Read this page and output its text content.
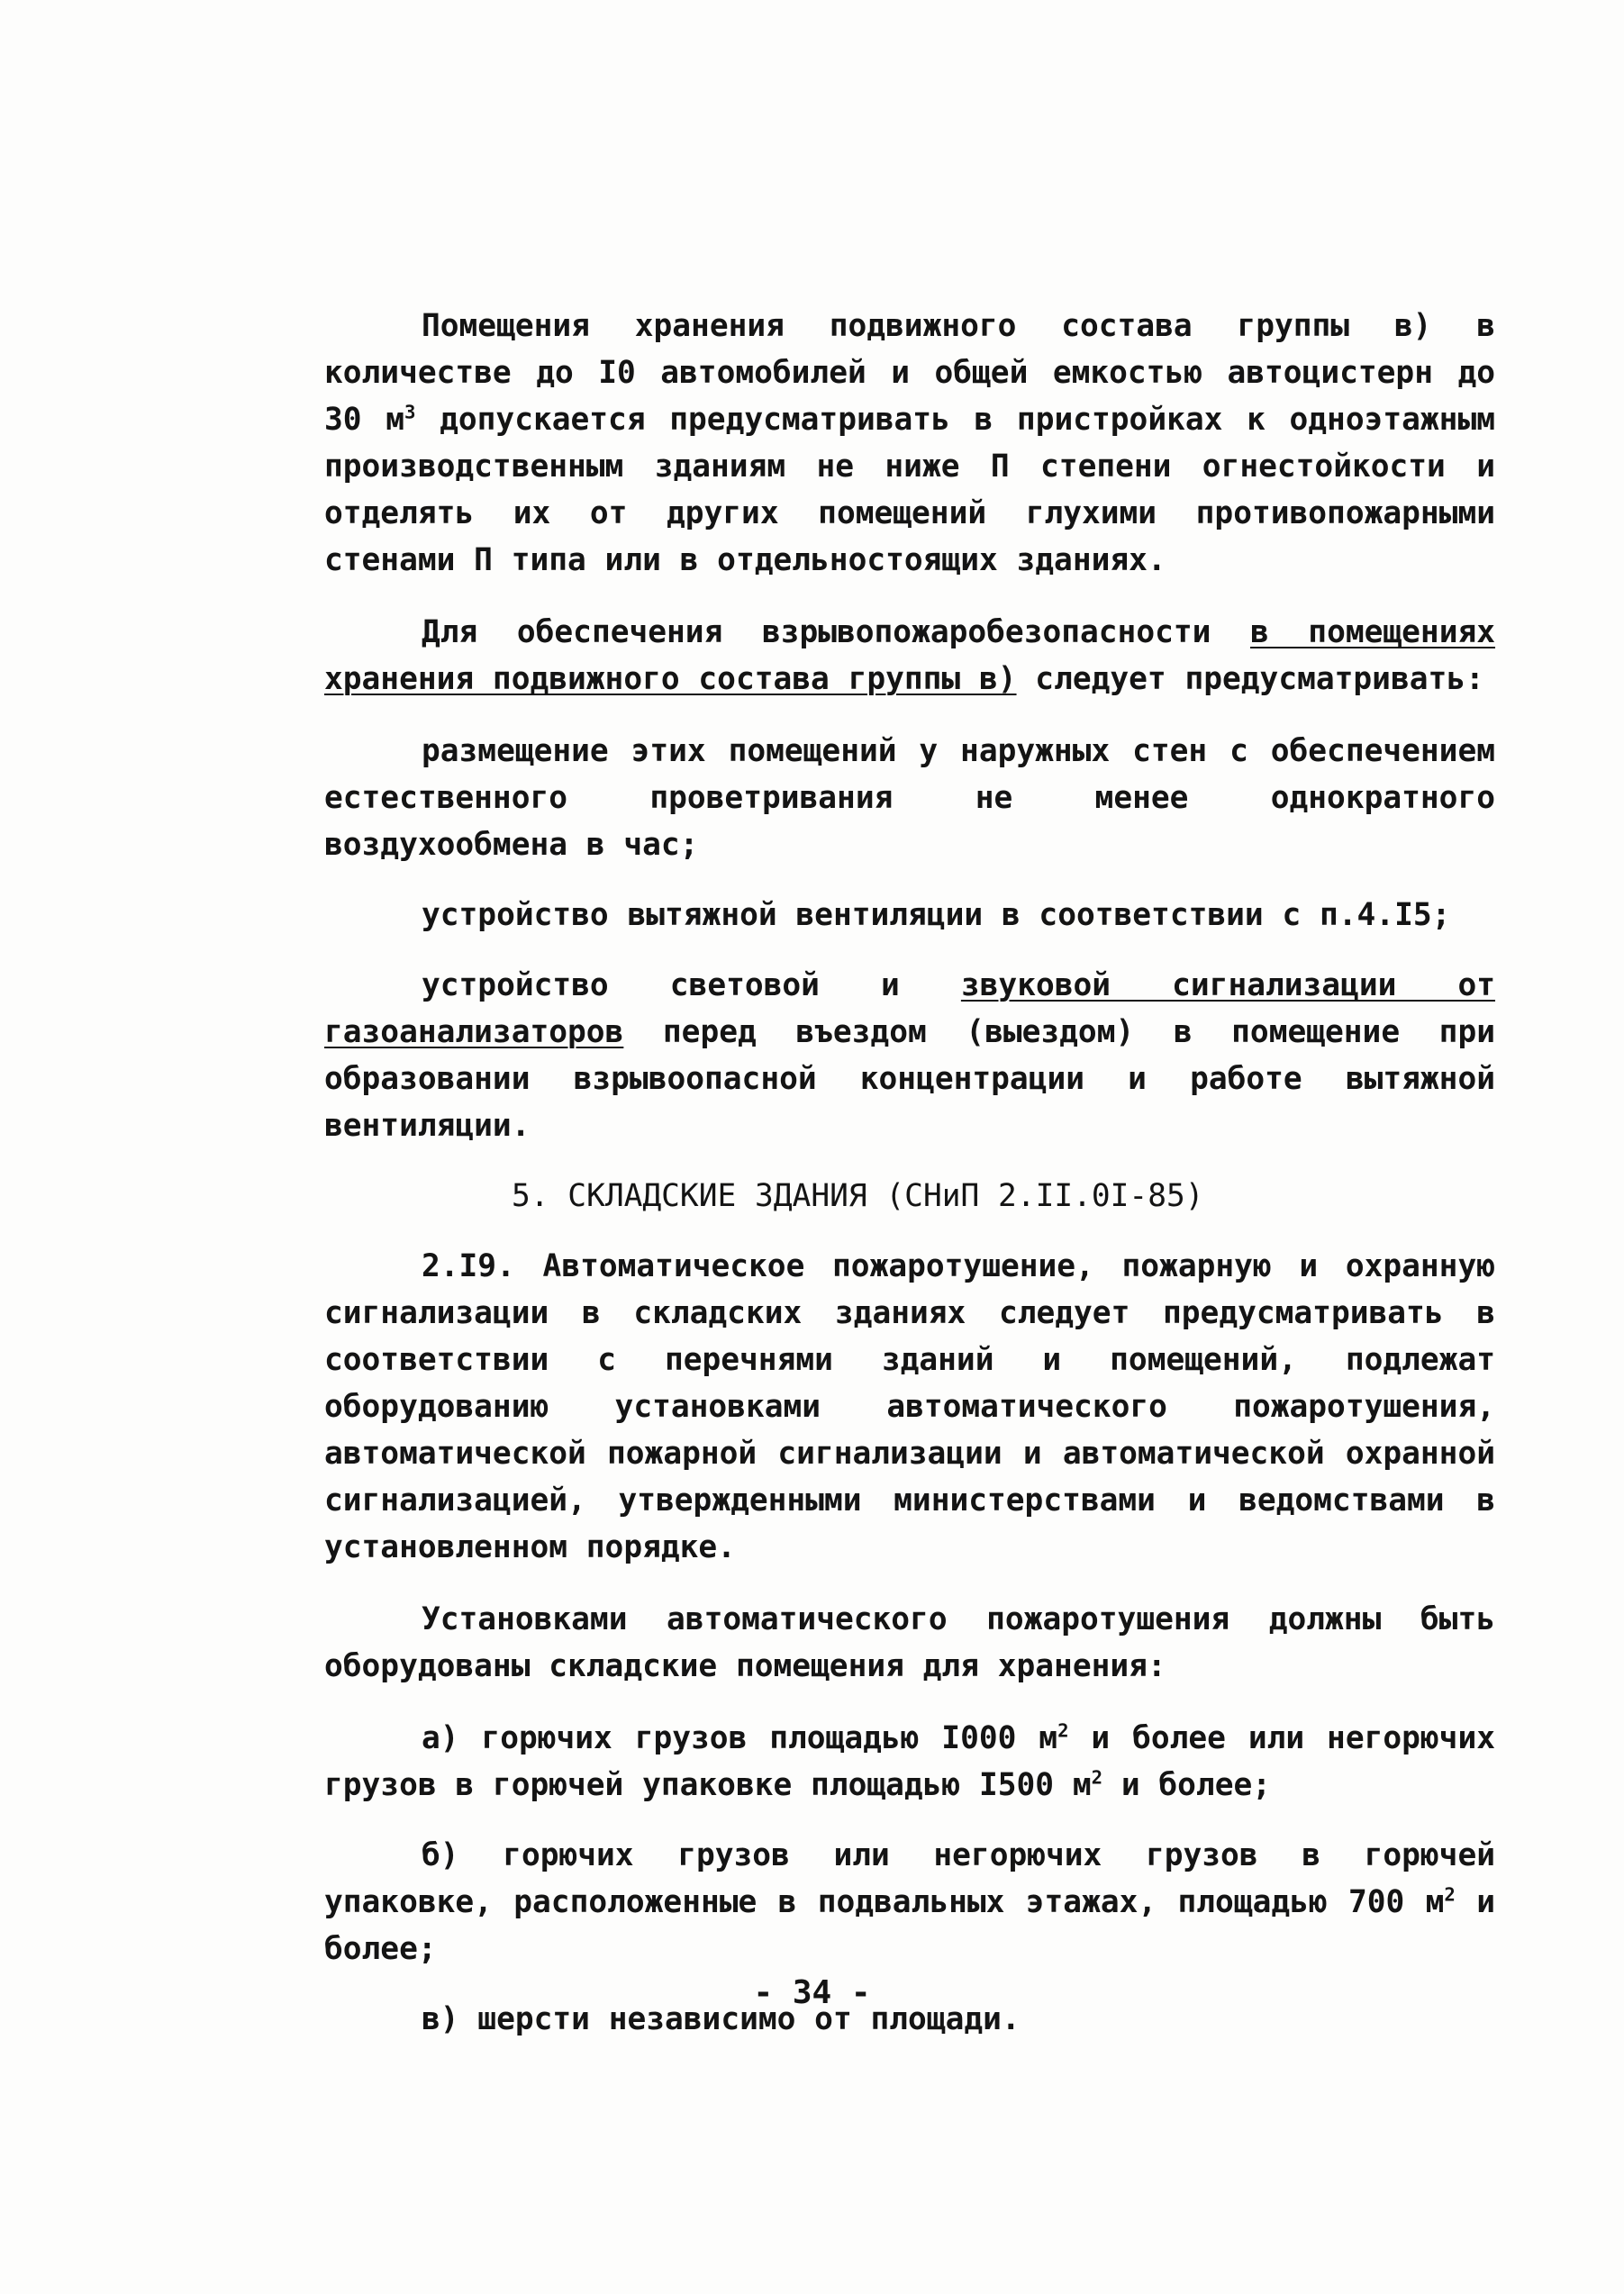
Помещения хранения подвижного состава группы в) в количестве до I0 автомобилей и общей емкостью автоцистерн до 30 $м^3$ допускается предусматривать в пристройках к одноэтажным производственным зданиям не ниже П степени огнестойкости и отделять их от других помещений глухими противопожарными стенами П типа или в отдельностоящих зданиях.

Для обеспечения взрывопожаробезопасности в помещениях хранения подвижного состава группы в) следует предусматривать:

размещение этих помещений у наружных стен с обеспечением естественного проветривания не менее однократного воздухообмена в час;

устройство вытяжной вентиляции в соответствии с п.4.I5;

устройство световой и звуковой сигнализации от газоанализаторов перед въездом (выездом) в помещение при образовании взрывоопасной концентрации и работе вытяжной вентиляции.

5. СКЛАДСКИЕ ЗДАНИЯ (СНиП 2.II.0I-85)

2.I9. Автоматическое пожаротушение, пожарную и охранную сигнализации в складских зданиях следует предусматривать в соответствии с перечнями зданий и помещений, подлежат оборудованию установками автоматического пожаротушения, автоматической пожарной сигнализации и автоматической охранной сигнализацией, утвержденными министерствами и ведомствами в установленном порядке.

Установками автоматического пожаротушения должны быть оборудованы складские помещения для хранения:

а) горючих грузов площадью I000 $м^2$ и более или негорючих грузов в горючей упаковке площадью I500 $м^2$ и более;

б) горючих грузов или негорючих грузов в горючей упаковке, расположенные в подвальных этажах, площадью 700 $м^2$ и более;

в) шерсти независимо от площади.

- 34 -
